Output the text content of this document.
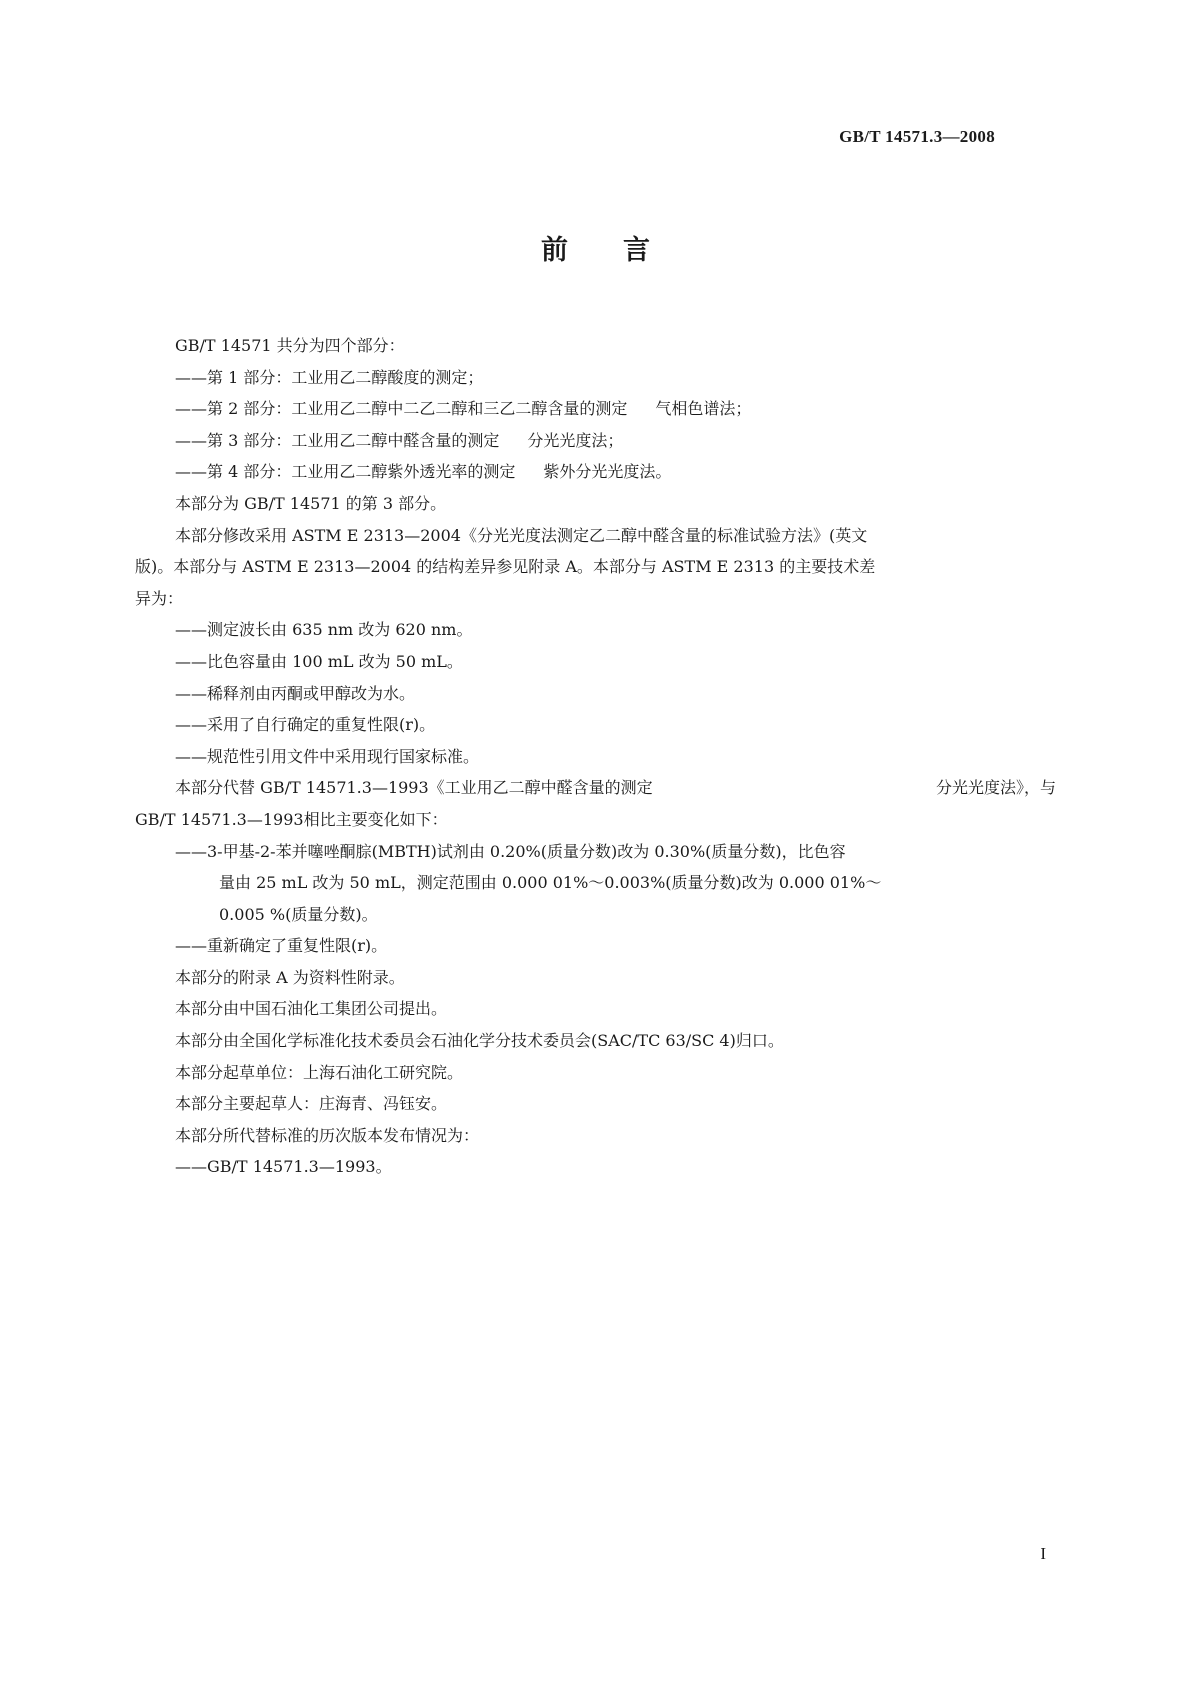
GB/T 14571.3—2008
前言

GB/T 14571 共分为四个部分：

——第 1 部分：工业用乙二醇酸度的测定；

——第 2 部分：工业用乙二醇中二乙二醇和三乙二醇含量的测定 气相色谱法；

——第 3 部分：工业用乙二醇中醛含量的测定 分光光度法；

——第 4 部分：工业用乙二醇紫外透光率的测定 紫外分光光度法。

本部分为 GB/T 14571 的第 3 部分。

本部分修改采用 ASTM E 2313—2004《分光光度法测定乙二醇中醛含量的标准试验方法》(英文

版)。本部分与 ASTM E 2313—2004 的结构差异参见附录 A。本部分与 ASTM E 2313 的主要技术差

异为：

——测定波长由 635 nm 改为 620 nm。

——比色容量由 100 mL 改为 50 mL。

——稀释剂由丙酮或甲醇改为水。

——采用了自行确定的重复性限(r)。

——规范性引用文件中采用现行国家标准。

本部分代替 GB/T 14571.3—1993《工业用乙二醇中醛含量的测定	分光光度法》，与

GB/T 14571.3—1993相比主要变化如下：

——3-甲基-2-苯并噻唑酮腙(MBTH)试剂由 0.20%(质量分数)改为 0.30%(质量分数)，比色容

量由 25 mL 改为 50 mL，测定范围由 0.000 01%～0.003%(质量分数)改为 0.000 01%～

0.005 %(质量分数)。

——重新确定了重复性限(r)。

本部分的附录 A 为资料性附录。

本部分由中国石油化工集团公司提出。

本部分由全国化学标准化技术委员会石油化学分技术委员会(SAC/TC 63/SC 4)归口。

本部分起草单位：上海石油化工研究院。

本部分主要起草人：庄海青、冯钰安。

本部分所代替标准的历次版本发布情况为：

——GB/T 14571.3—1993。

I
